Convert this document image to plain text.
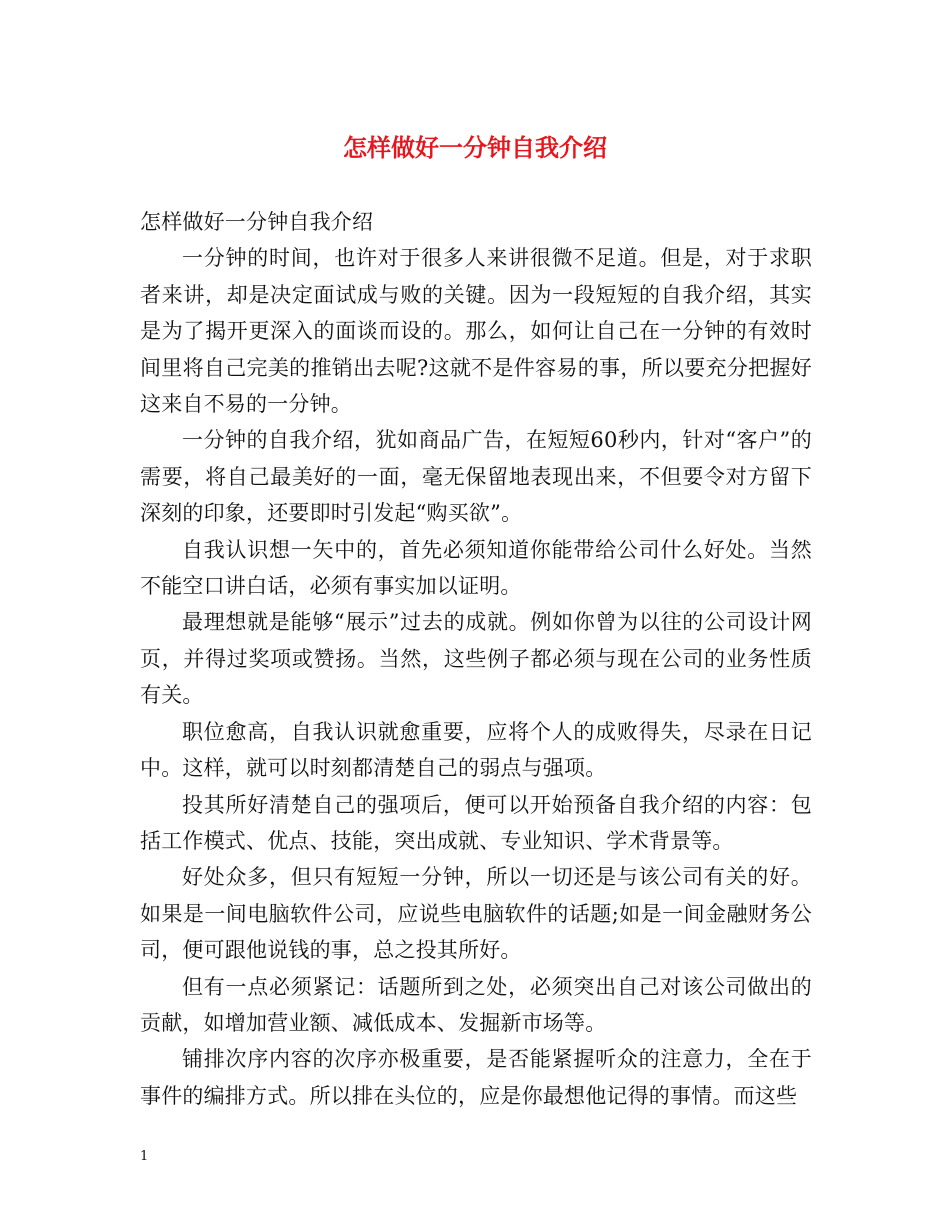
怎样做好一分钟自我介绍

怎样做好一分钟自我介绍

一分钟的时间，也许对于很多人来讲很微不足道。但是，对于求职者来讲，却是决定面试成与败的关键。因为一段短短的自我介绍，其实是为了揭开更深入的面谈而设的。那么，如何让自己在一分钟的有效时间里将自己完美的推销出去呢?这就不是件容易的事，所以要充分把握好这来自不易的一分钟。

一分钟的自我介绍，犹如商品广告，在短短60秒内，针对“客户”的需要，将自己最美好的一面，毫无保留地表现出来，不但要令对方留下深刻的印象，还要即时引发起“购买欲”。

自我认识想一矢中的，首先必须知道你能带给公司什么好处。当然不能空口讲白话，必须有事实加以证明。

最理想就是能够“展示”过去的成就。例如你曾为以往的公司设计网页，并得过奖项或赞扬。当然，这些例子都必须与现在公司的业务性质有关。

职位愈高，自我认识就愈重要，应将个人的成败得失，尽录在日记中。这样，就可以时刻都清楚自己的弱点与强项。

投其所好清楚自己的强项后，便可以开始预备自我介绍的内容：包括工作模式、优点、技能，突出成就、专业知识、学术背景等。

好处众多，但只有短短一分钟，所以一切还是与该公司有关的好。如果是一间电脑软件公司，应说些电脑软件的话题;如是一间金融财务公司，便可跟他说钱的事，总之投其所好。

但有一点必须紧记：话题所到之处，必须突出自己对该公司做出的贡献，如增加营业额、减低成本、发掘新市场等。

铺排次序内容的次序亦极重要，是否能紧握听众的注意力，全在于事件的编排方式。所以排在头位的，应是你最想他记得的事情。而这些

1
